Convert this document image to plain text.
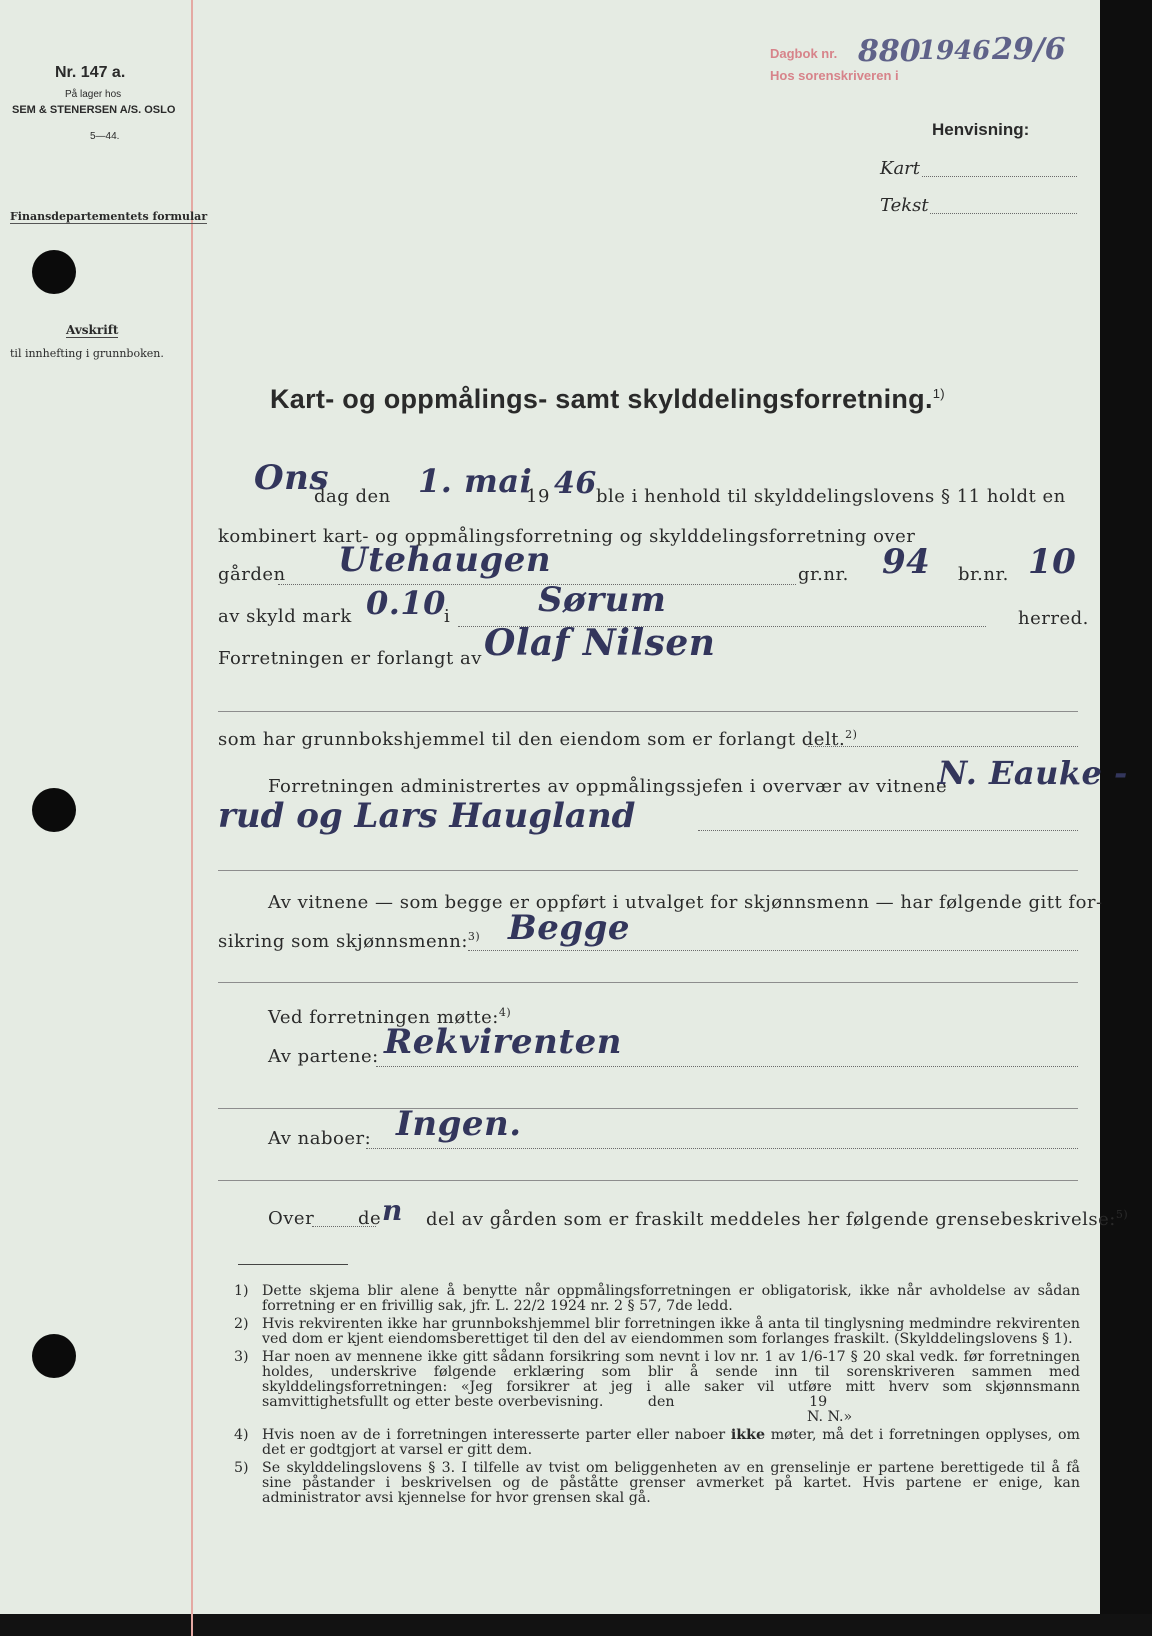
Nr. 147 a.
På lager hos
SEM & STENERSEN A/S. OSLO
5—44.
Finansdepartementets formular
Avskrift
til innhefting i grunnboken.
Dagbok nr. 880
1946 29/6
Hos sorenskriveren i
Henvisning:
Kart
Tekst
Kart- og oppmålings- samt skylddelingsforretning.$^{1)}$
Ons
dag den 1. mai
19 46 ble i henhold til skylddelingslovens § 11 holdt en
kombinert kart- og oppmålingsforretning og skylddelingsforretning over
gården Utehaugen	gr.nr. 94 br.nr. 10
av skyld mark 0.10
i	Sørum	herred.
Forretningen er forlangt av Olaf Nilsen
som har grunnbokshjemmel til den eiendom som er forlangt delt.$^{2)}$
Forretningen administrertes av oppmålingssjefen i overvær av vitnene
N. Eauke -
rud og Lars Haugland
Av vitnene — som begge er oppført i utvalget for skjønnsmenn — har følgende gitt for-
sikring som skjønnsmenn:$^{3)}$ Begge
Ved forretningen møtte:$^{4)}$
Av partene: Rekvirenten
Av naboer: Ingen.
Over de n del av gården som er fraskilt meddeles her følgende grensebeskrivelse:$^{5)}$
1) Dette skjema blir alene å benytte når oppmålingsforretningen er obligatorisk, ikke når avholdelse av sådan forretning er en frivillig sak, jfr. L. 22/2 1924 nr. 2 § 57, 7de ledd.
2) Hvis rekvirenten ikke har grunnbokshjemmel blir forretningen ikke å anta til tinglysning medmindre rekvirenten ved dom er kjent eiendomsberettiget til den del av eiendommen som forlanges fraskilt. (Skylddelingslovens § 1).
3) Har noen av mennene ikke gitt sådann forsikring som nevnt i lov nr. 1 av 1/6-17 § 20 skal vedk. før forretningen holdes, underskrive følgende erklæring som blir å sende inn til sorenskriveren sammen med skylddelingsforretningen: «Jeg forsikrer at jeg i alle saker vil utføre mitt hverv som skjønnsmann samvittighetsfullt og etter beste overbevisning.	den	19
N. N.»
4) Hvis noen av de i forretningen interesserte parter eller naboer ikke møter, må det i forretningen opplyses, om det er godtgjort at varsel er gitt dem.
5) Se skylddelingslovens § 3. I tilfelle av tvist om beliggenheten av en grenselinje er partene berettigede til å få sine påstander i beskrivelsen og de påståtte grenser avmerket på kartet. Hvis partene er enige, kan administrator avsi kjennelse for hvor grensen skal gå.
